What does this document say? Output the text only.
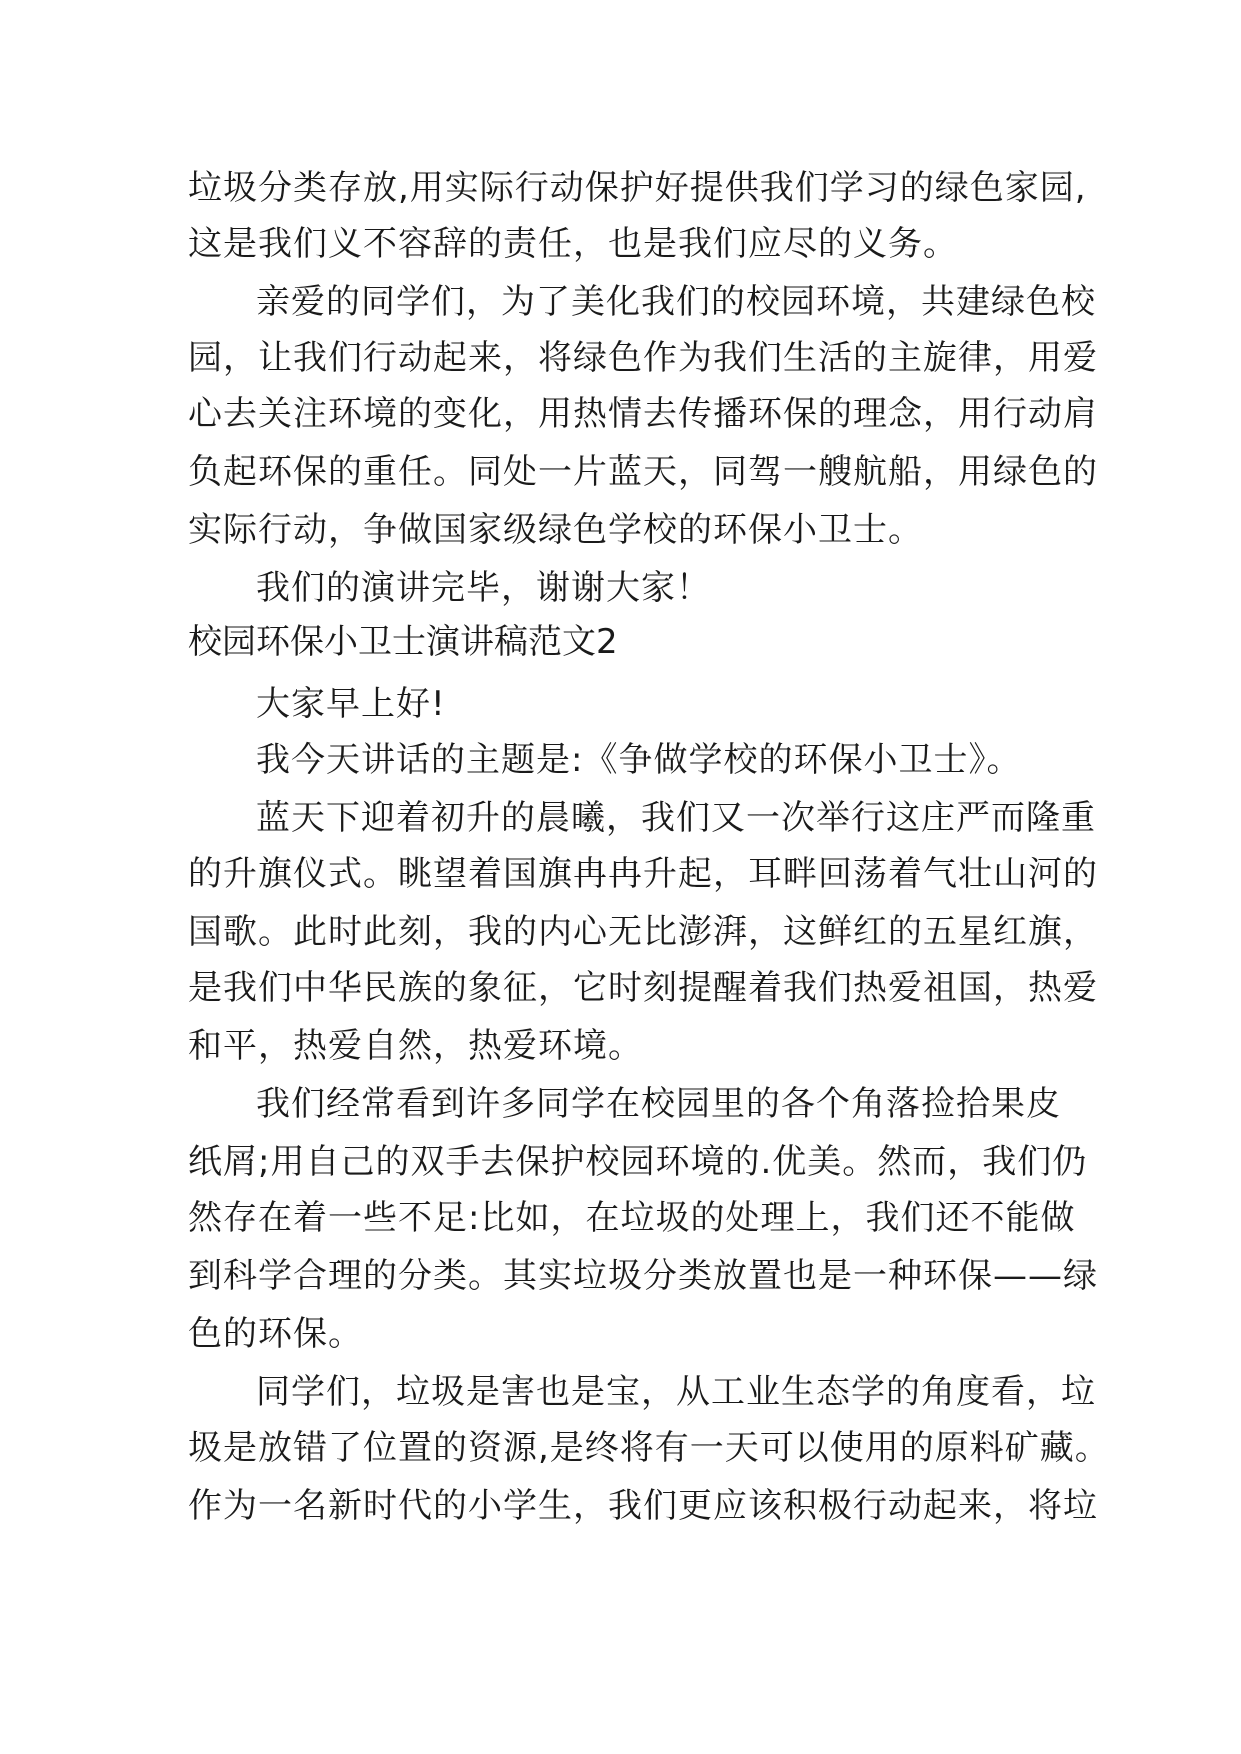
垃圾分类存放,用实际行动保护好提供我们学习的绿色家园,
这是我们义不容辞的责任，也是我们应尽的义务。
亲爱的同学们，为了美化我们的校园环境，共建绿色校
园，让我们行动起来，将绿色作为我们生活的主旋律，用爱
心去关注环境的变化，用热情去传播环保的理念，用行动肩
负起环保的重任。同处一片蓝天，同驾一艘航船，用绿色的
实际行动，争做国家级绿色学校的环保小卫士。
我们的演讲完毕，谢谢大家！
校园环保小卫士演讲稿范文2
大家早上好!
我今天讲话的主题是:《争做学校的环保小卫士》。
蓝天下迎着初升的晨曦，我们又一次举行这庄严而隆重
的升旗仪式。眺望着国旗冉冉升起，耳畔回荡着气壮山河的
国歌。此时此刻，我的内心无比澎湃，这鲜红的五星红旗，
是我们中华民族的象征，它时刻提醒着我们热爱祖国，热爱
和平，热爱自然，热爱环境。
我们经常看到许多同学在校园里的各个角落捡拾果皮
纸屑;用自己的双手去保护校园环境的.优美。然而，我们仍
然存在着一些不足:比如，在垃圾的处理上，我们还不能做
到科学合理的分类。其实垃圾分类放置也是一种环保——绿
色的环保。
同学们，垃圾是害也是宝，从工业生态学的角度看，垃
圾是放错了位置的资源,是终将有一天可以使用的原料矿藏。
作为一名新时代的小学生，我们更应该积极行动起来，将垃
